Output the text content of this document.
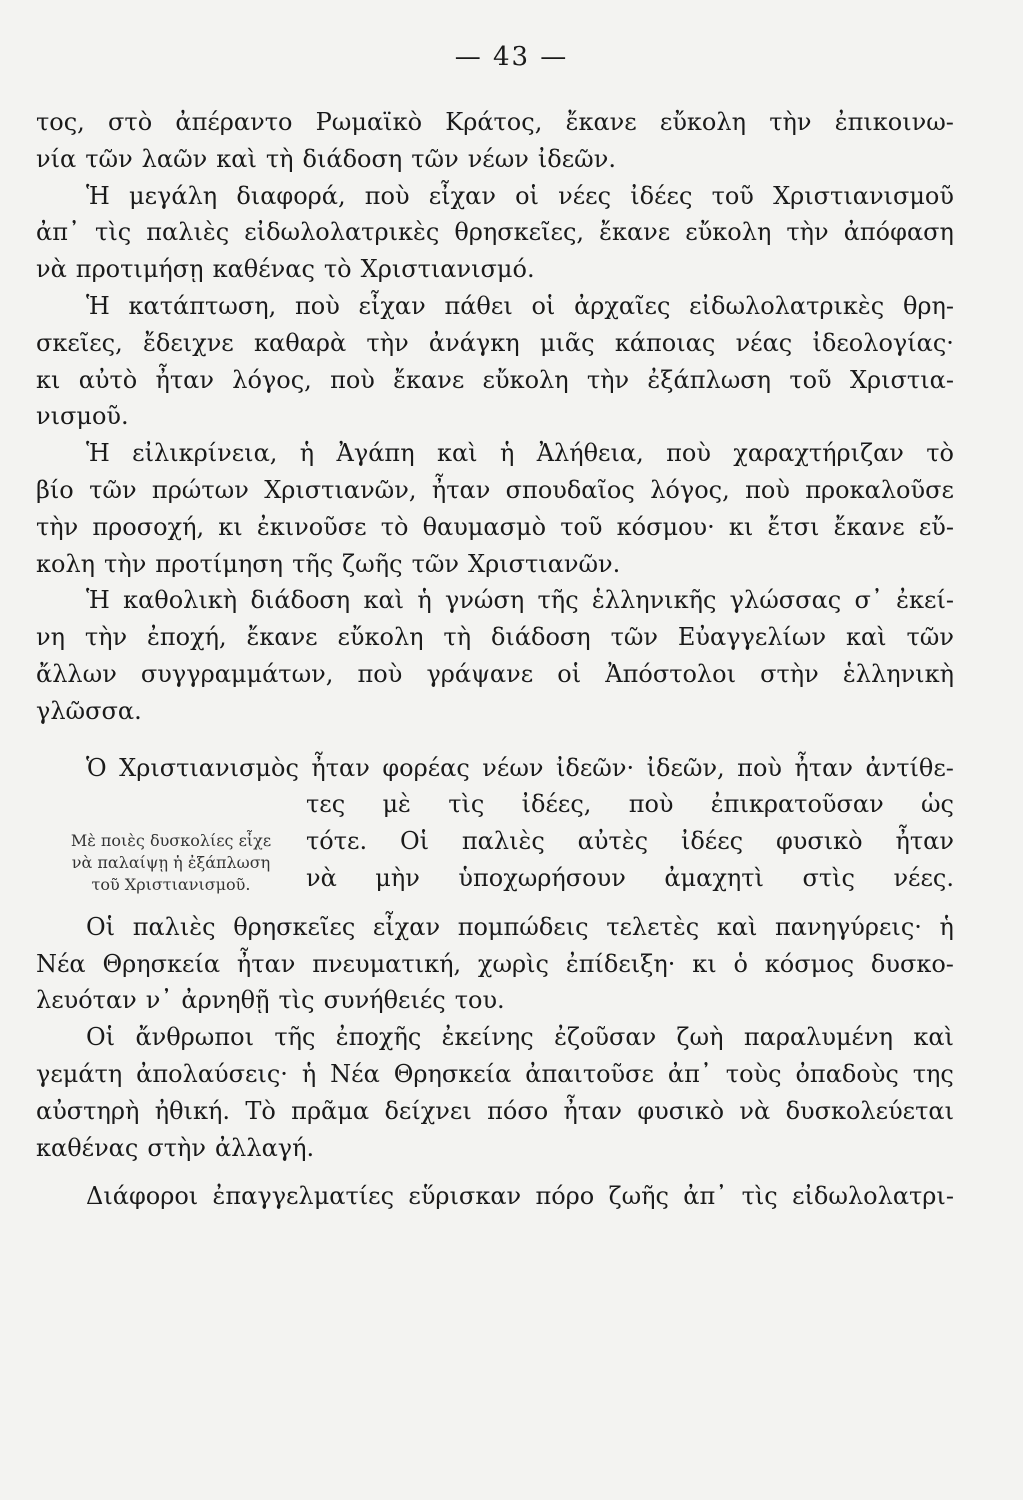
— 43 —
τος, στὸ ἀπέραντο Ρωμαϊκὸ Κράτος, ἔκανε εὔκολη τὴν ἐπικοινω-
νία τῶν λαῶν καὶ τὴ διάδοση τῶν νέων ἰδεῶν.
Ἡ μεγάλη διαφορά, ποὺ εἶχαν οἱ νέες ἰδέες τοῦ Χριστιανισμοῦ
ἀπ᾽ τὶς παλιὲς εἰδωλολατρικὲς θρησκεῖες, ἔκανε εὔκολη τὴν ἀπόφαση
νὰ προτιμήσῃ καθένας τὸ Χριστιανισμό.
Ἡ κατάπτωση, ποὺ εἶχαν πάθει οἱ ἀρχαῖες εἰδωλολατρικὲς θρη-
σκεῖες, ἔδειχνε καθαρὰ τὴν ἀνάγκη μιᾶς κάποιας νέας ἰδεολογίας·
κι αὐτὸ ἦταν λόγος, ποὺ ἔκανε εὔκολη τὴν ἐξάπλωση τοῦ Χριστια-
νισμοῦ.
Ἡ εἰλικρίνεια, ἡ Ἀγάπη καὶ ἡ Ἀλήθεια, ποὺ χαραχτήριζαν τὸ
βίο τῶν πρώτων Χριστιανῶν, ἦταν σπουδαῖος λόγος, ποὺ προκαλοῦσε
τὴν προσοχή, κι ἐκινοῦσε τὸ θαυμασμὸ τοῦ κόσμου· κι ἔτσι ἔκανε εὔ-
κολη τὴν προτίμηση τῆς ζωῆς τῶν Χριστιανῶν.
Ἡ καθολικὴ διάδοση καὶ ἡ γνώση τῆς ἑλληνικῆς γλώσσας σ᾽ ἐκεί-
νη τὴν ἐποχή, ἔκανε εὔκολη τὴ διάδοση τῶν Εὐαγγελίων καὶ τῶν
ἄλλων συγγραμμάτων, ποὺ γράψανε οἱ Ἀπόστολοι στὴν ἑλληνικὴ
γλῶσσα.
Ὁ Χριστιανισμὸς ἦταν φορέας νέων ἰδεῶν· ἰδεῶν, ποὺ ἦταν ἀντίθε-
Μὲ ποιὲς δυσκολίες εἶχε
νὰ παλαίψῃ ἡ ἐξάπλωση
τοῦ Χριστιανισμοῦ.
τες μὲ τὶς ἰδέες, ποὺ ἐπικρατοῦσαν ὡς
τότε. Οἱ παλιὲς αὐτὲς ἰδέες φυσικὸ ἦταν
νὰ μὴν ὑποχωρήσουν ἀμαχητὶ στὶς νέες.
Οἱ παλιὲς θρησκεῖες εἶχαν πομπώδεις τελετὲς καὶ πανηγύρεις· ἡ
Νέα Θρησκεία ἦταν πνευματική, χωρὶς ἐπίδειξη· κι ὁ κόσμος δυσκο-
λευόταν ν᾽ ἀρνηθῇ τὶς συνήθειές του.
Οἱ ἄνθρωποι τῆς ἐποχῆς ἐκείνης ἐζοῦσαν ζωὴ παραλυμένη καὶ
γεμάτη ἀπολαύσεις· ἡ Νέα Θρησκεία ἀπαιτοῦσε ἀπ᾽ τοὺς ὀπαδοὺς της
αὐστηρὴ ἠθική. Τὸ πρᾶμα δείχνει πόσο ἦταν φυσικὸ νὰ δυσκολεύεται
καθένας στὴν ἀλλαγή.
Διάφοροι ἐπαγγελματίες εὕρισκαν πόρο ζωῆς ἀπ᾽ τὶς εἰδωλολατρι-
